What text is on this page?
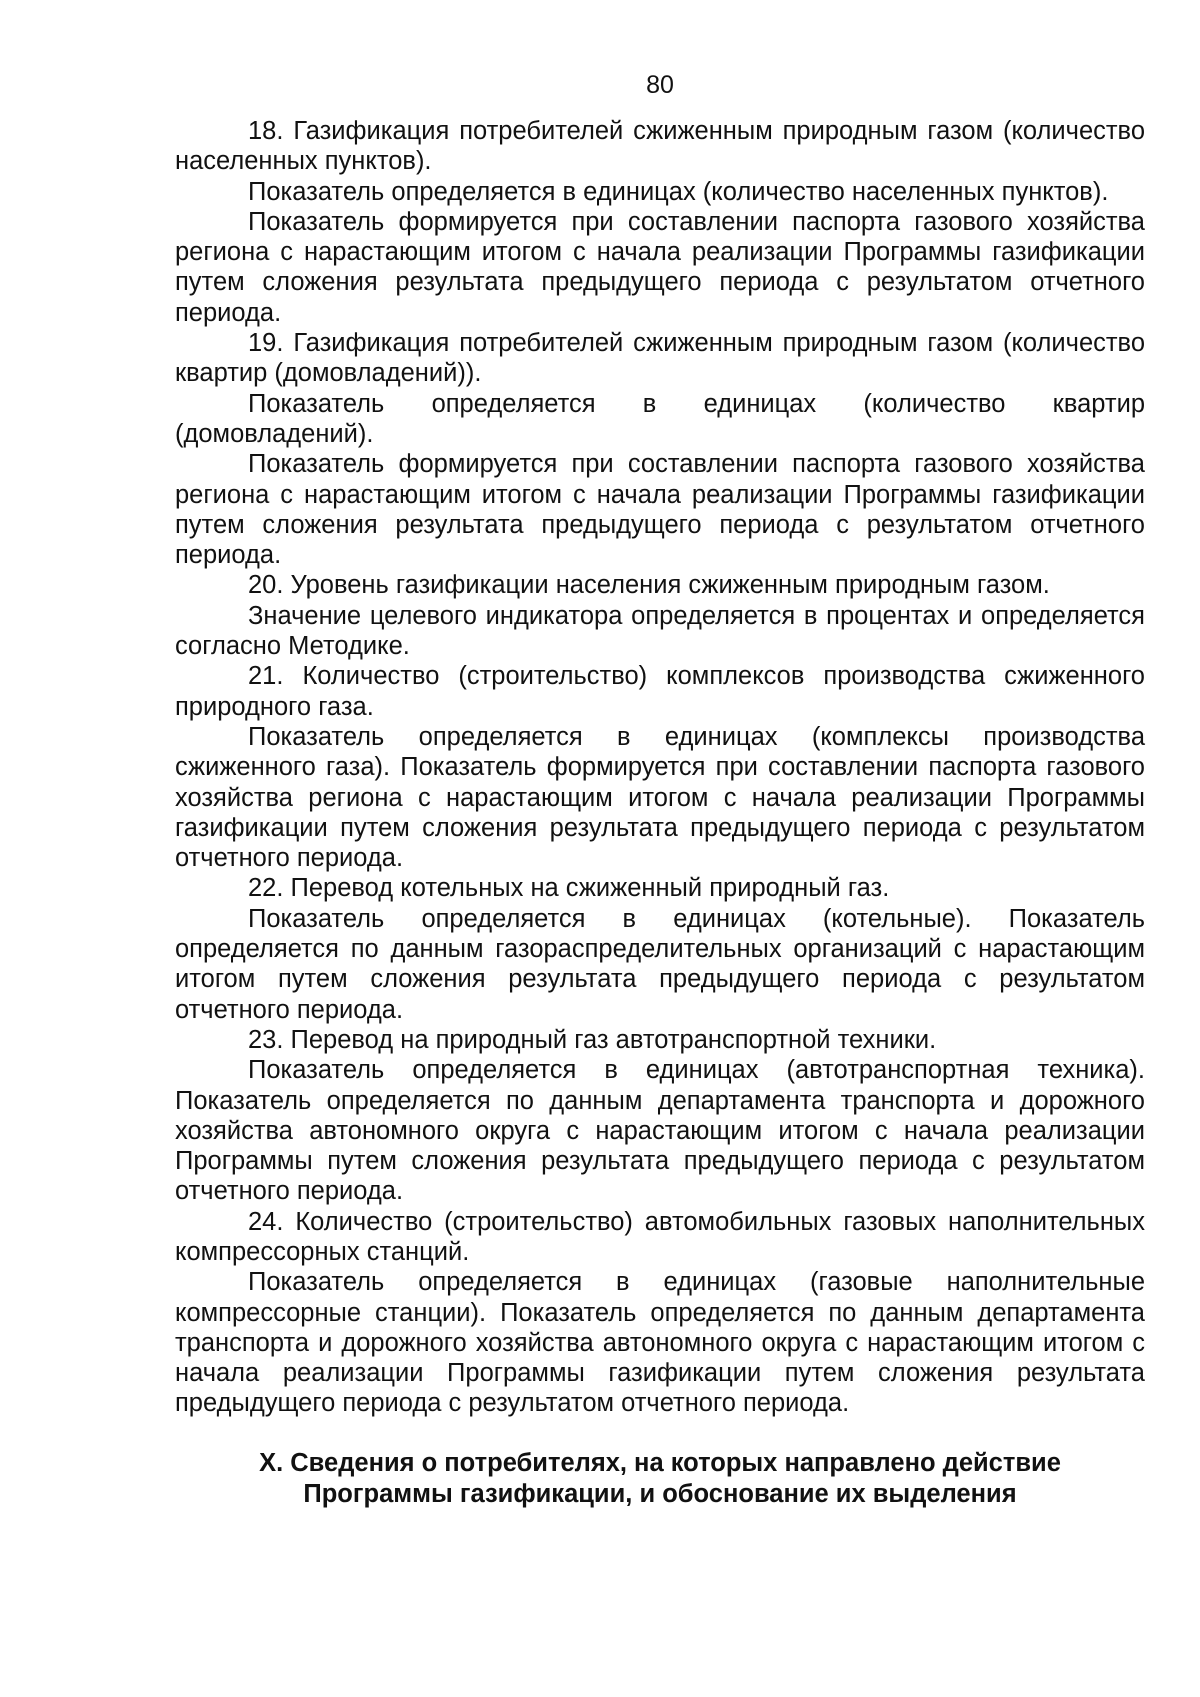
80

18. Газификация потребителей сжиженным природным газом (количество населенных пунктов).

Показатель определяется в единицах (количество населенных пунктов).

Показатель формируется при составлении паспорта газового хозяйства региона с нарастающим итогом с начала реализации Программы газификации путем сложения результата предыдущего периода с результатом отчетного периода.

19. Газификация потребителей сжиженным природным газом (количество квартир (домовладений)).

Показатель определяется в единицах (количество квартир (домовладений).

Показатель формируется при составлении паспорта газового хозяйства региона с нарастающим итогом с начала реализации Программы газификации путем сложения результата предыдущего периода с результатом отчетного периода.

20. Уровень газификации населения сжиженным природным газом.

Значение целевого индикатора определяется в процентах и определяется согласно Методике.

21. Количество (строительство) комплексов производства сжиженного природного газа.

Показатель определяется в единицах (комплексы производства сжиженного газа). Показатель формируется при составлении паспорта газового хозяйства региона с нарастающим итогом с начала реализации Программы газификации путем сложения результата предыдущего периода с результатом отчетного периода.

22. Перевод котельных на сжиженный природный газ.

Показатель определяется в единицах (котельные). Показатель определяется по данным газораспределительных организаций с нарастающим итогом путем сложения результата предыдущего периода с результатом отчетного периода.

23. Перевод на природный газ автотранспортной техники.

Показатель определяется в единицах (автотранспортная техника). Показатель определяется по данным департамента транспорта и дорожного хозяйства автономного округа с нарастающим итогом с начала реализации Программы путем сложения результата предыдущего периода с результатом отчетного периода.

24. Количество (строительство) автомобильных газовых наполнительных компрессорных станций.

Показатель определяется в единицах (газовые наполнительные компрессорные станции). Показатель определяется по данным департамента транспорта и дорожного хозяйства автономного округа с нарастающим итогом с начала реализации Программы газификации путем сложения результата предыдущего периода с результатом отчетного периода.

X. Сведения о потребителях, на которых направлено действие
Программы газификации, и обоснование их выделения
